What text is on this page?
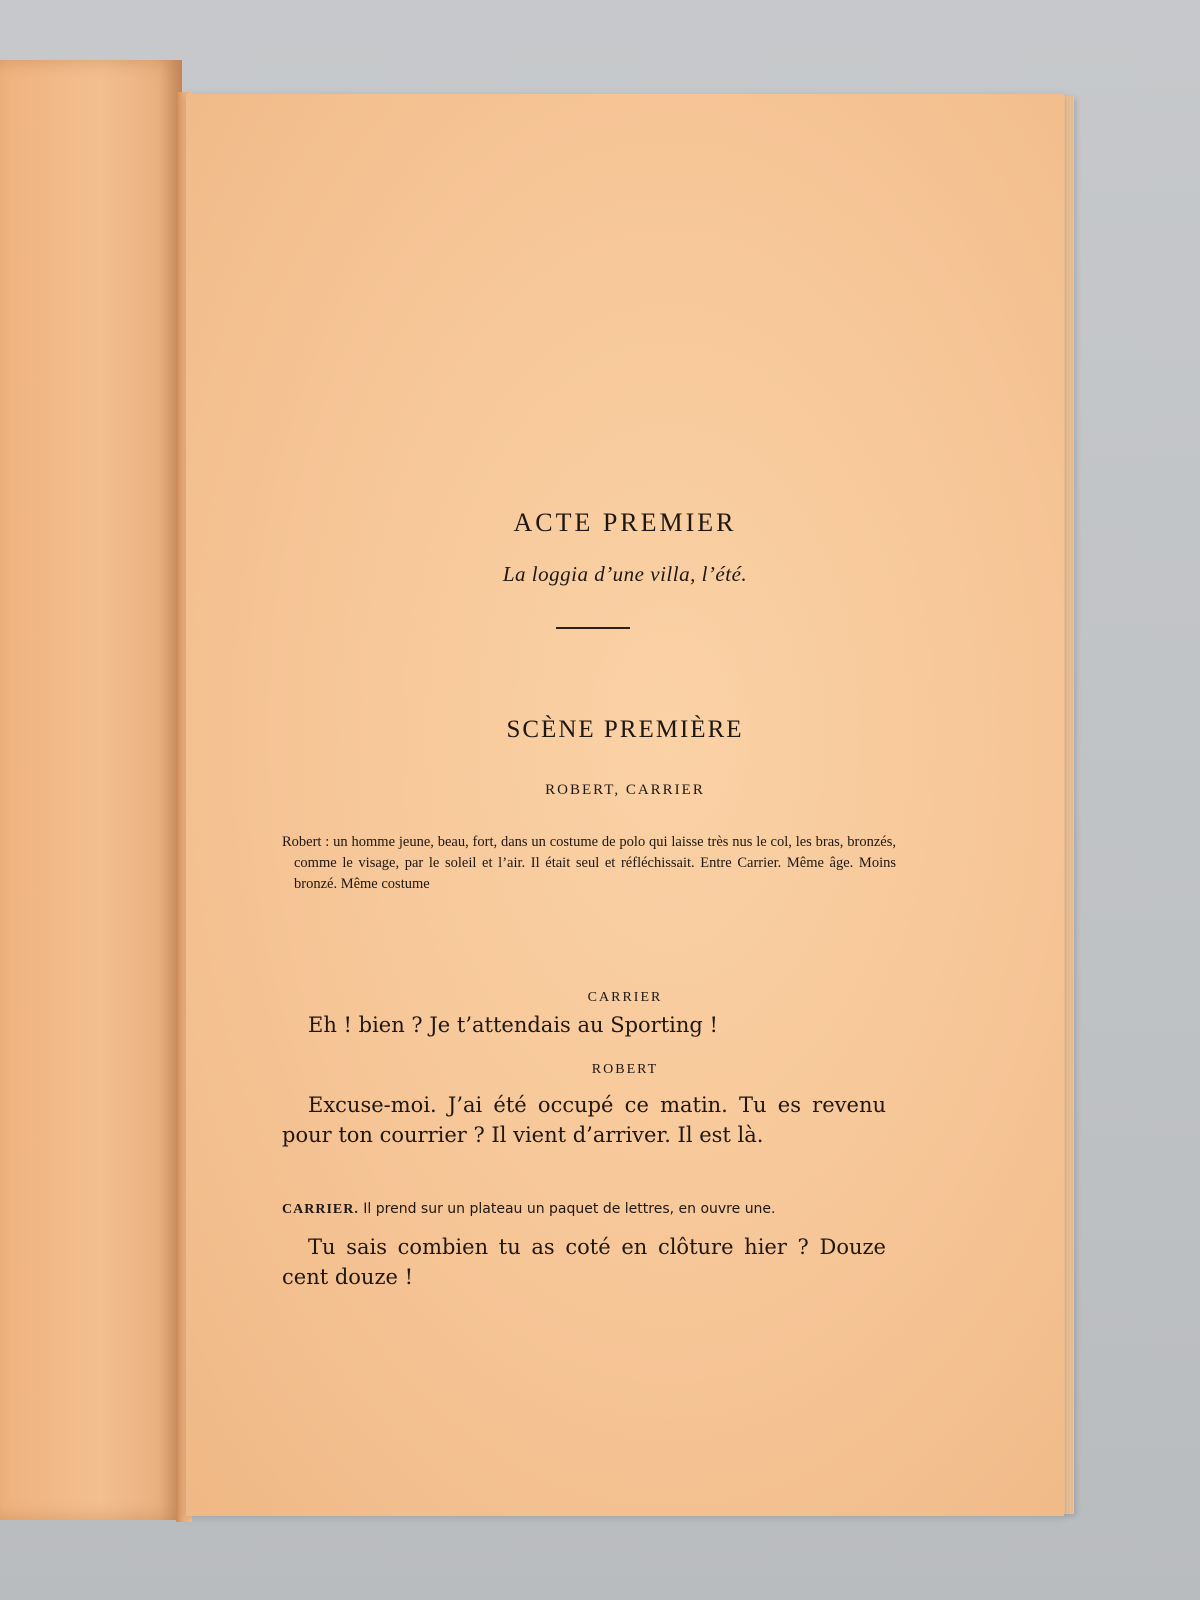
ACTE PREMIER
La loggia d’une villa, l’été.
SCÈNE PREMIÈRE
ROBERT, CARRIER
Robert : un homme jeune, beau, fort, dans un costume de polo qui laisse très nus le col, les bras, bronzés, comme le visage, par le soleil et l’air. Il était seul et réfléchissait. Entre Carrier. Même âge. Moins bronzé. Même costume
CARRIER

Eh ! bien ? Je t’attendais au Sporting !

ROBERT

Excuse-moi. J’ai été occupé ce matin. Tu es revenu pour ton courrier ? Il vient d’arriver. Il est là.

CARRIER. Il prend sur un plateau un paquet de lettres, en ouvre une.

Tu sais combien tu as coté en clôture hier ? Douze cent douze !
